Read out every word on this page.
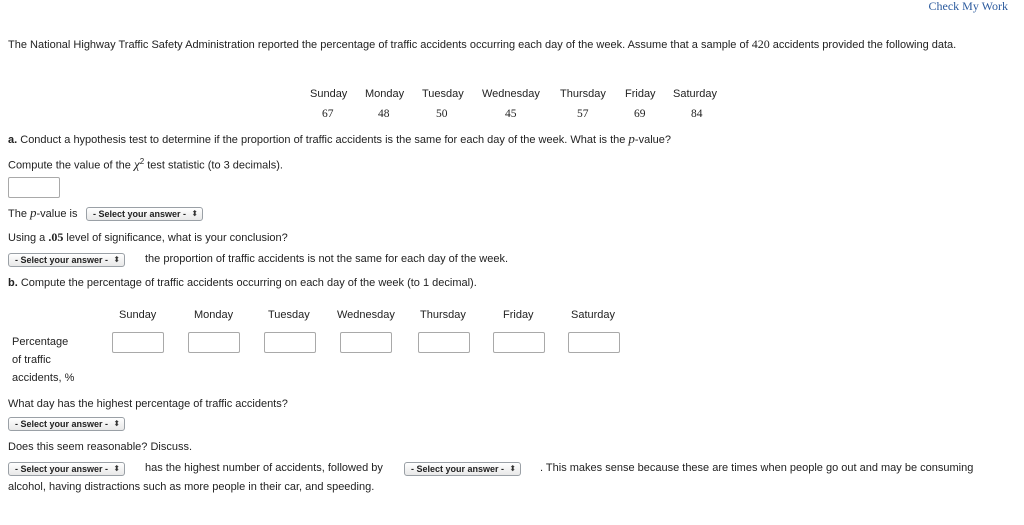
Check My Work
The National Highway Traffic Safety Administration reported the percentage of traffic accidents occurring each day of the week. Assume that a sample of 420 accidents provided the following data.
Sunday Monday Tuesday Wednesday Thursday Friday Saturday
67	48	50	45	57	69	84
a. Conduct a hypothesis test to determine if the proportion of traffic accidents is the same for each day of the week. What is the p-value?
Compute the value of the $\chi^2$ test statistic (to 3 decimals).
The p-value is	- Select your answer - ⬍
Using a .05 level of significance, what is your conclusion?
- Select your answer - ⬍ the proportion of traffic accidents is not the same for each day of the week.
b. Compute the percentage of traffic accidents occurring on each day of the week (to 1 decimal).
Sunday	Monday	Tuesday Wednesday Thursday	Friday	Saturday
Percentage
of traffic
accidents, %
What day has the highest percentage of traffic accidents?
- Select your answer - ⬍
Does this seem reasonable? Discuss.
- Select your answer - ⬍ has the highest number of accidents, followed by	- Select your answer - ⬍ . This makes sense because these are times when people go out and may be consuming
alcohol, having distractions such as more people in their car, and speeding.
